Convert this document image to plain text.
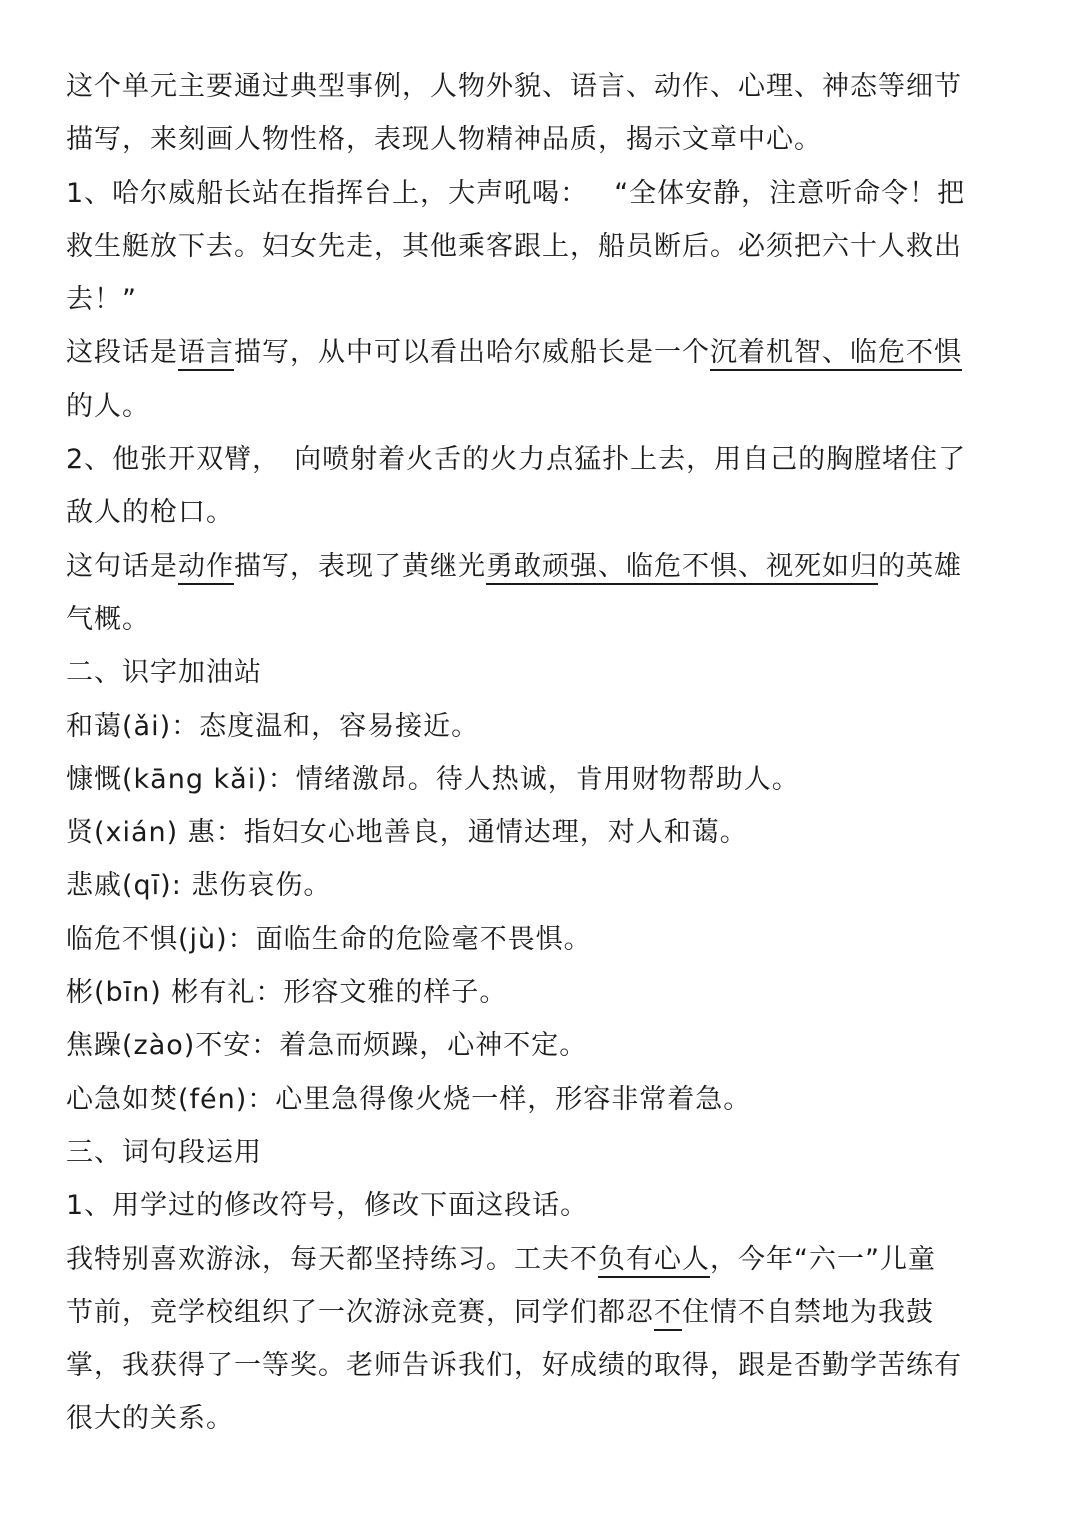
这个单元主要通过典型事例，人物外貌、语言、动作、心理、神态等细节
描写，来刻画人物性格，表现人物精神品质，揭示文章中心。
1、哈尔威船长站在指挥台上，大声吼喝： “全体安静，注意听命令！把
救生艇放下去。妇女先走，其他乘客跟上，船员断后。必须把六十人救出
去！”
这段话是语言描写，从中可以看出哈尔威船长是一个沉着机智、临危不惧
的人。
2、他张开双臂， 向喷射着火舌的火力点猛扑上去，用自己的胸膛堵住了
敌人的枪口。
这句话是动作描写，表现了黄继光勇敢顽强、临危不惧、视死如归的英雄
气概。
二、识字加油站
和蔼(ǎi)：态度温和，容易接近。
慷慨(kāng kǎi)：情绪激昂。待人热诚，肯用财物帮助人。
贤(xián) 惠：指妇女心地善良，通情达理，对人和蔼。
悲戚(qī): 悲伤哀伤。
临危不惧(jù)：面临生命的危险毫不畏惧。
彬(bīn) 彬有礼：形容文雅的样子。
焦躁(zào)不安：着急而烦躁，心神不定。
心急如焚(fén)：心里急得像火烧一样，形容非常着急。
三、词句段运用
1、用学过的修改符号，修改下面这段话。
我特别喜欢游泳，每天都坚持练习。工夫不负有心人，今年“六一”儿童
节前，竞学校组织了一次游泳竞赛，同学们都忍不住情不自禁地为我鼓
掌，我获得了一等奖。老师告诉我们，好成绩的取得，跟是否勤学苦练有
很大的关系。
